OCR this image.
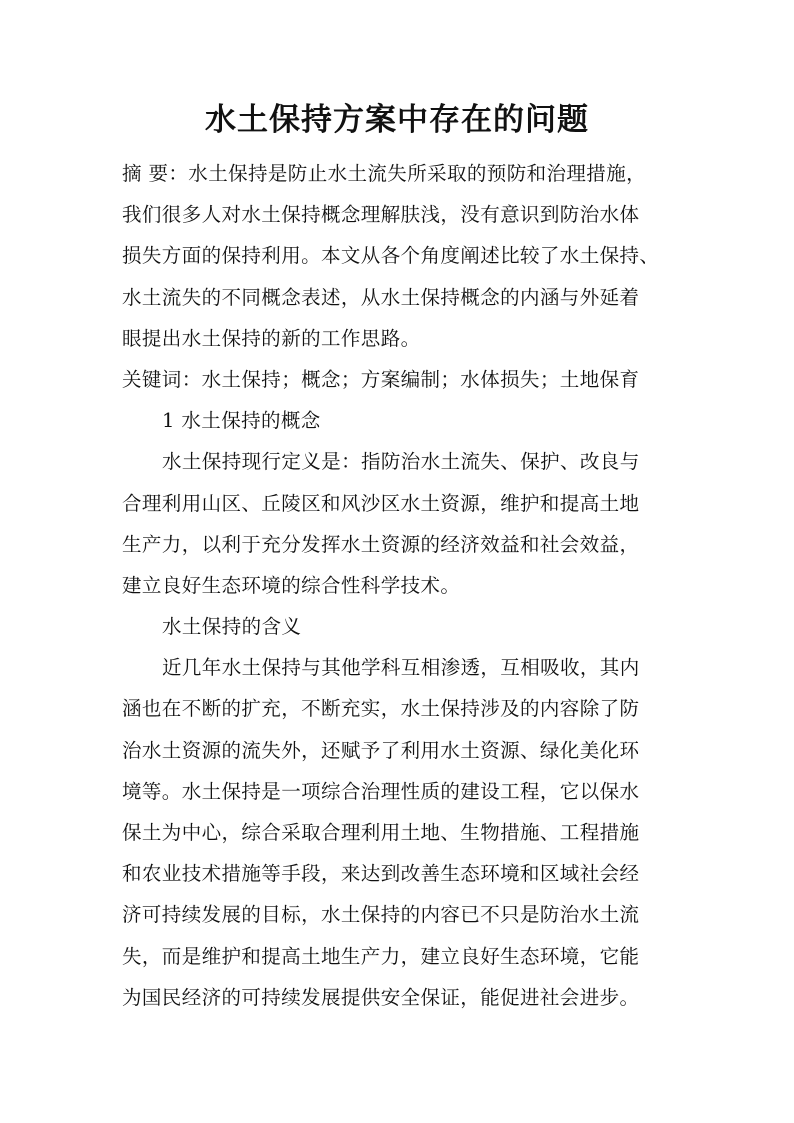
水土保持方案中存在的问题
摘 要：水土保持是防止水土流失所采取的预防和治理措施，
我们很多人对水土保持概念理解肤浅，没有意识到防治水体
损失方面的保持利用。本文从各个角度阐述比较了水土保持、
水土流失的不同概念表述，从水土保持概念的内涵与外延着
眼提出水土保持的新的工作思路。
关键词：水土保持；概念；方案编制；水体损失；土地保育
1 水土保持的概念
水土保持现行定义是：指防治水土流失、保护、改良与
合理利用山区、丘陵区和风沙区水土资源，维护和提高土地
生产力，以利于充分发挥水土资源的经济效益和社会效益，
建立良好生态环境的综合性科学技术。
水土保持的含义
近几年水土保持与其他学科互相渗透，互相吸收，其内
涵也在不断的扩充，不断充实，水土保持涉及的内容除了防
治水土资源的流失外，还赋予了利用水土资源、绿化美化环
境等。水土保持是一项综合治理性质的建设工程，它以保水
保土为中心，综合采取合理利用土地、生物措施、工程措施
和农业技术措施等手段，来达到改善生态环境和区域社会经
济可持续发展的目标，水土保持的内容已不只是防治水土流
失，而是维护和提高土地生产力，建立良好生态环境，它能
为国民经济的可持续发展提供安全保证，能促进社会进步。
